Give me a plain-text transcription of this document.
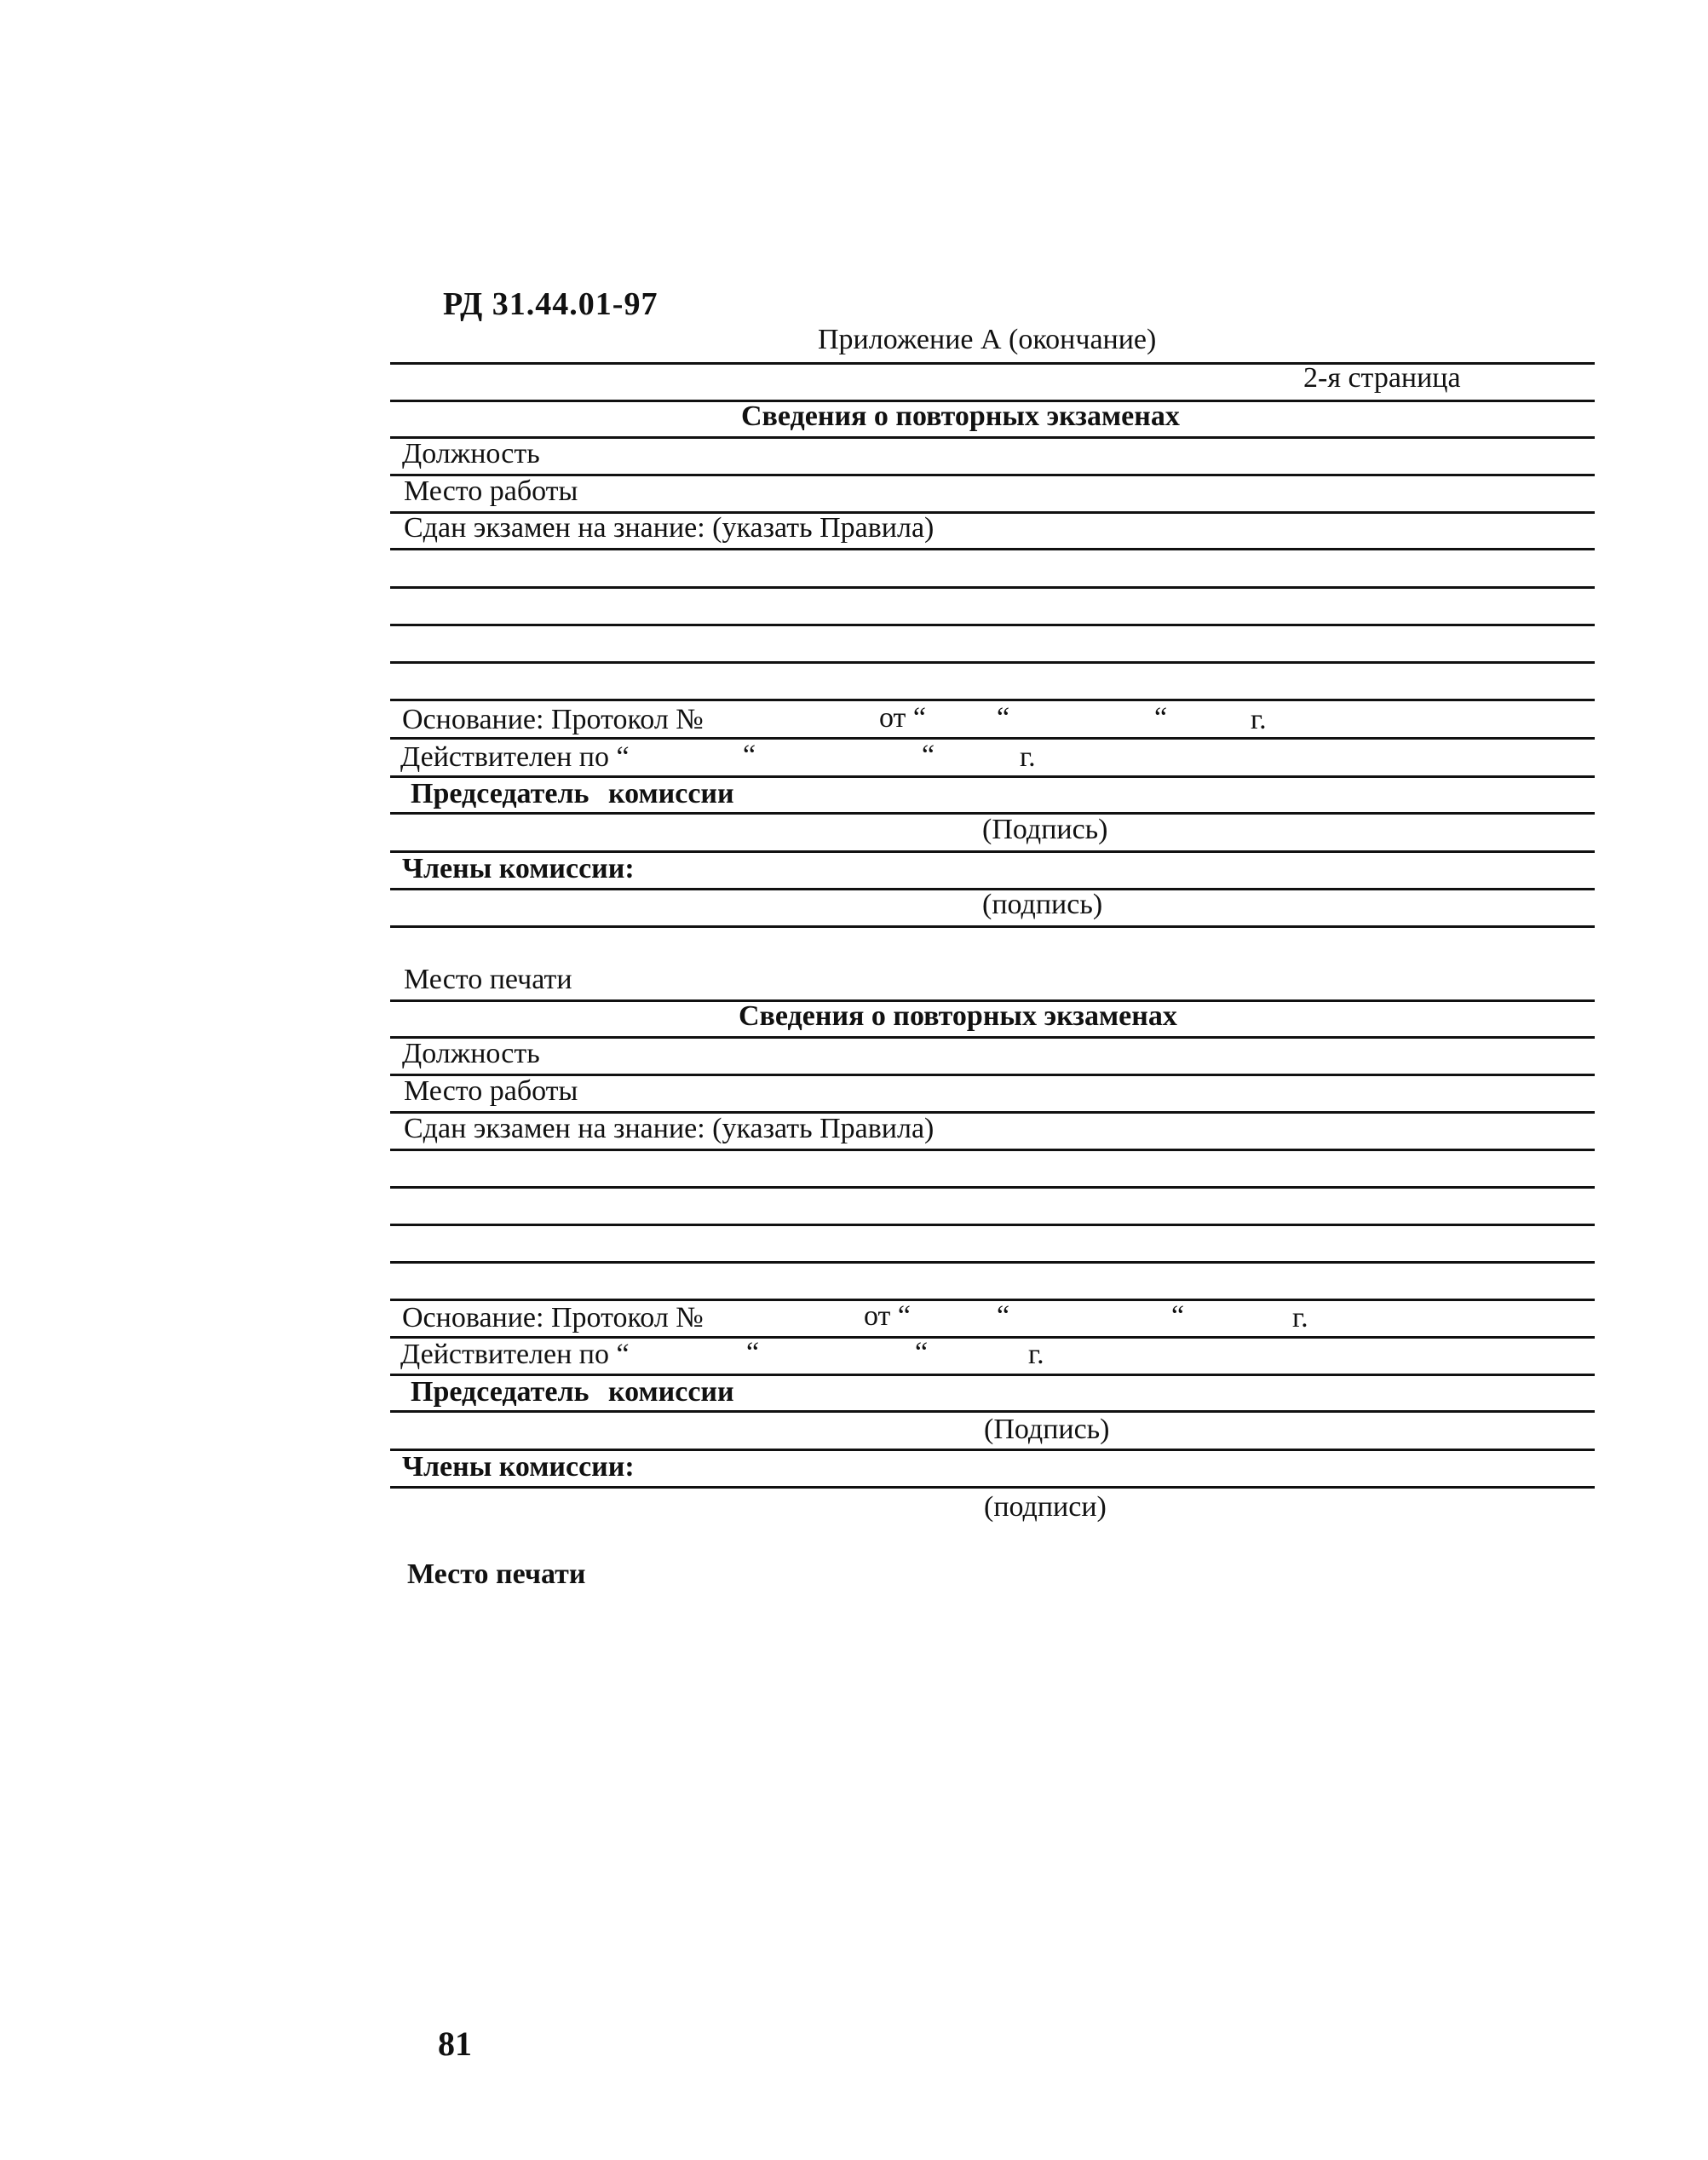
РД 31.44.01-97
Приложение А (окончание)
2-я страница
Сведения о повторных экзаменах
Должность
Место работы
Сдан экзамен на знание: (указать Правила)
Основание: Протокол №	от “ “	“	г.
Действителен по “	“	“	г.
Председатель комиссии
(Подпись)
Члены комиссии:
(подпись)
Место печати
Сведения о повторных экзаменах
Должность
Место работы
Сдан экзамен на знание: (указать Правила)
Основание: Протокол №	от “	“	“	г.
Действителен по “	“	“	г.
Председатель комиссии
(Подпись)
Члены комиссии:
(подписи)
Место печати
81
